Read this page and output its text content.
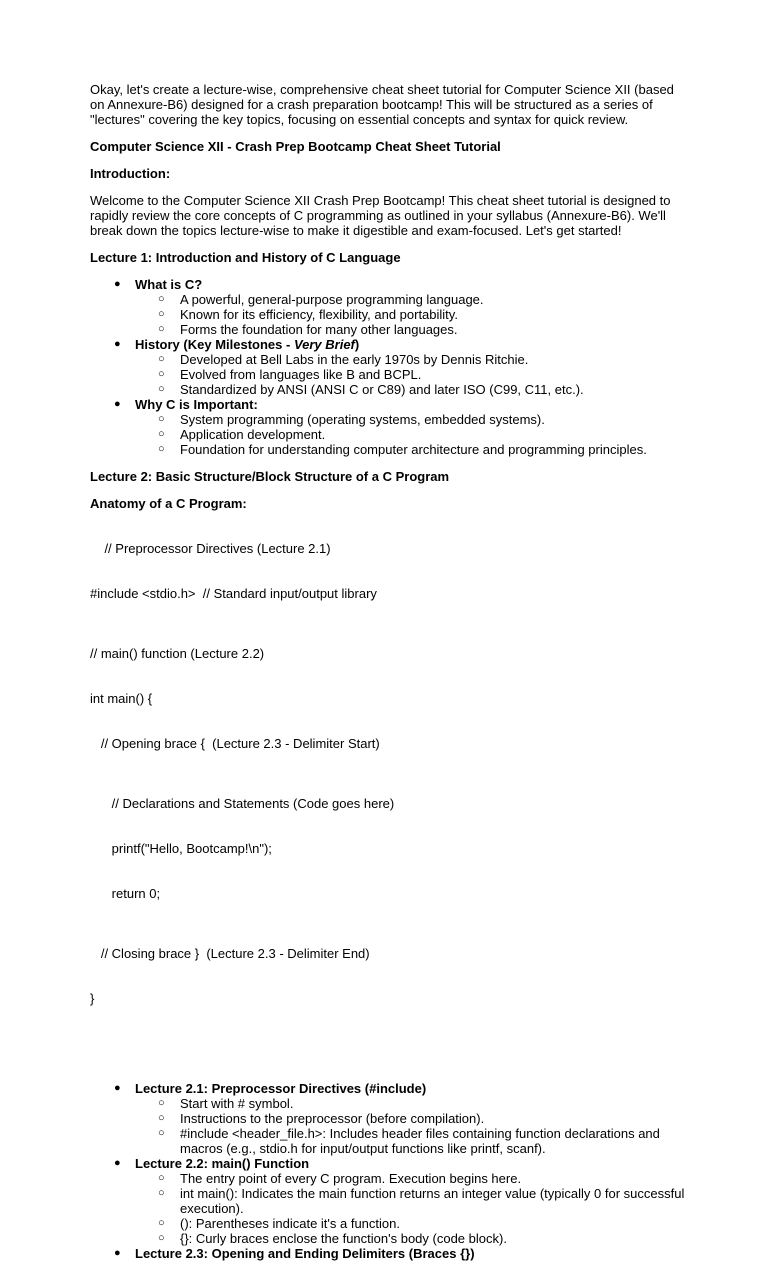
Okay, let's create a lecture-wise, comprehensive cheat sheet tutorial for Computer Science XII (based on Annexure-B6) designed for a crash preparation bootcamp! This will be structured as a series of "lectures" covering the key topics, focusing on essential concepts and syntax for quick review.

Computer Science XII - Crash Prep Bootcamp Cheat Sheet Tutorial

Introduction:

Welcome to the Computer Science XII Crash Prep Bootcamp! This cheat sheet tutorial is designed to rapidly review the core concepts of C programming as outlined in your syllabus (Annexure-B6). We'll break down the topics lecture-wise to make it digestible and exam-focused. Let's get started!

Lecture 1: Introduction and History of C Language

● What is C?
○ A powerful, general-purpose programming language.
○ Known for its efficiency, flexibility, and portability.
○ Forms the foundation for many other languages.
● History (Key Milestones - Very Brief)
○ Developed at Bell Labs in the early 1970s by Dennis Ritchie.
○ Evolved from languages like B and BCPL.
○ Standardized by ANSI (ANSI C or C89) and later ISO (C99, C11, etc.).
● Why C is Important:
○ System programming (operating systems, embedded systems).
○ Application development.
○ Foundation for understanding computer architecture and programming principles.

Lecture 2: Basic Structure/Block Structure of a C Program

Anatomy of a C Program:

// Preprocessor Directives (Lecture 2.1)

#include <stdio.h>  // Standard input/output library

// main() function (Lecture 2.2)

int main() {

// Opening brace {  (Lecture 2.3 - Delimiter Start)

// Declarations and Statements (Code goes here)

printf("Hello, Bootcamp!\n");

return 0;

// Closing brace }  (Lecture 2.3 - Delimiter End)

}

● Lecture 2.1: Preprocessor Directives (#include)
○ Start with # symbol.
○ Instructions to the preprocessor (before compilation).
○ #include <header_file.h>: Includes header files containing function declarations and macros (e.g., stdio.h for input/output functions like printf, scanf).
● Lecture 2.2: main() Function
○ The entry point of every C program. Execution begins here.
○ int main(): Indicates the main function returns an integer value (typically 0 for successful execution).
○ (): Parentheses indicate it's a function.
○ {}: Curly braces enclose the function's body (code block).
● Lecture 2.3: Opening and Ending Delimiters (Braces {})
